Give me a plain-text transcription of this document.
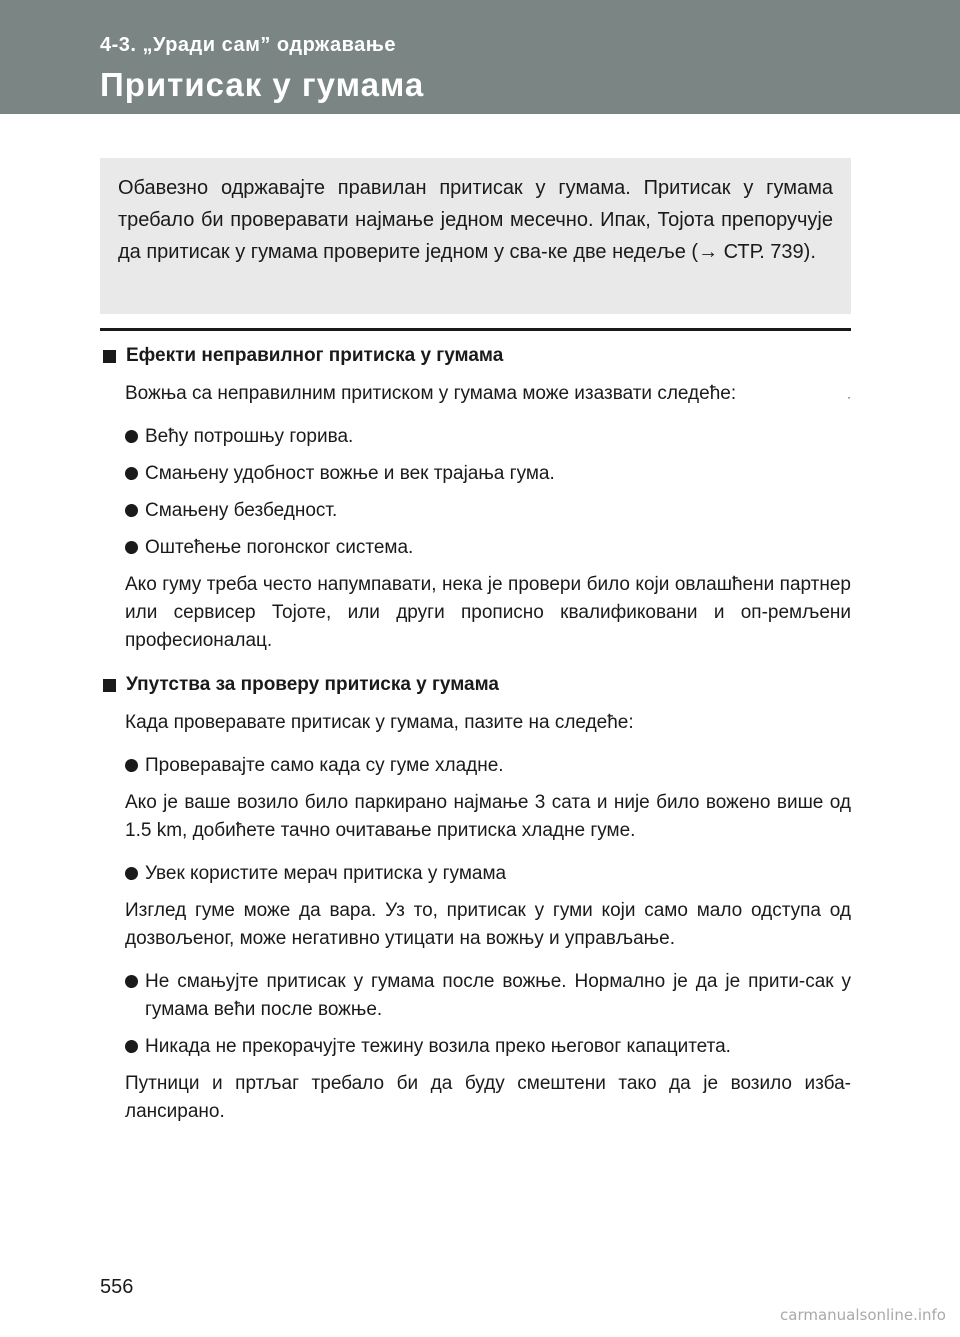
4-3. „Уради сам” одржавање
Притисак у гумама

Обавезно одржавајте правилан притисак у гумама. Притисак у гумама требало би проверавати најмање једном месечно. Ипак, Тојота препоручује да притисак у гумама проверите једном у сва-ке две недеље (→ СТР. 739).

·
Ефекти неправилног притиска у гумама

Вожња са неправилним притиском у гумама може изазвати следеће:

Већу потрошњу горива.

Смањену удобност вожње и век трајања гума.

Смањену безбедност.

Оштећење погонског система.

Ако гуму треба често напумпавати, нека је провери било који овлашћени партнер или сервисер Тојоте, или други прописно квалификовани и оп-ремљени професионалац.

Упутства за проверу притиска у гумама

Када проверавате притисак у гумама, пазите на следеће:

Проверавајте само када су гуме хладне.

Ако је ваше возило било паркирано најмање 3 сата и није било вожено више од 1.5 km, добићете тачно очитавање притиска хладне гуме.

Увек користите мерач притиска у гумама

Изглед гуме може да вара. Уз то, притисак у гуми који само мало одступа од дозвољеног, може негативно утицати на вожњу и управљање.

Не смањујте притисак у гумама после вожње. Нормално је да је прити-сак у гумама већи после вожње.

Никада не прекорачујте тежину возила преко његовог капацитета.

Путници и пртљаг требало би да буду смештени тако да је возило изба-лансирано.

556
carmanualsonline.info
